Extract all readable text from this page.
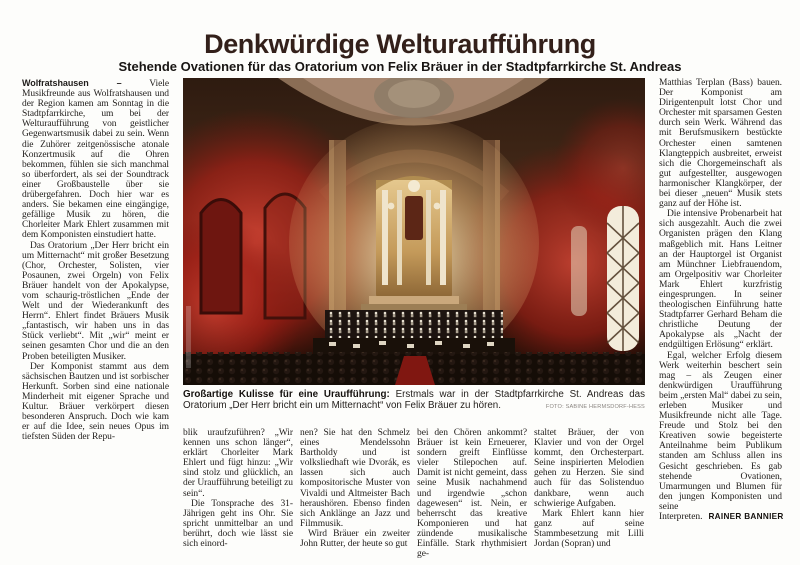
Denkwürdige Welturaufführung
Stehende Ovationen für das Oratorium von Felix Bräuer in der Stadtpfarrkirche St. Andreas

Wolfratshausen –	Viele Musikfreunde aus Wolfratshausen und der Region kamen am Sonntag in die Stadtpfarrkirche, um bei der Welturaufführung von geistlicher Gegenwartsmusik dabei zu sein. Wenn die Zuhörer zeitgenössische atonale Konzertmusik auf die Ohren bekommen, fühlen sie sich manchmal so überfordert, als sei der Soundtrack einer Großbaustelle über sie drübergefahren. Doch hier war es anders. Sie bekamen eine eingängige, gefällige Musik zu hören, die Chorleiter Mark Ehlert zusammen mit dem Komponisten einstudiert hatte.

Das Oratorium „Der Herr bricht ein um Mitternacht“ mit großer Besetzung (Chor, Orchester, Solisten, vier Posaunen, zwei Orgeln) von Felix Bräuer handelt von der Apokalypse, vom schaurig-tröstlichen „Ende der Welt und der Wiederankunft des Herrn“. Ehlert findet Bräuers Musik „fantastisch, wir haben uns in das Stück verliebt“. Mit „wir“ meint er seinen gesamten Chor und die an den Proben beteiligten Musiker.

Der Komponist stammt aus dem sächsischen Bautzen und ist sorbischer Herkunft. Sorben sind eine nationale Minderheit mit eigener Sprache und Kultur. Bräuer verkörpert diesen besonderen Anspruch. Doch wie kam er auf die Idee, sein neues Opus im tiefsten Süden der Repu-

Großartige Kulisse für eine Uraufführung: Erstmals war in der Stadtpfarrkirche St. Andreas das Oratorium „Der Herr bricht ein um Mitternacht“ von Felix Bräuer zu hören.	FOTO: SABINE HERMSDORF-HESS

blik uraufzuführen? „Wir kennen uns schon länger“, erklärt Chorleiter Mark Ehlert und fügt hinzu: „Wir sind stolz und glücklich, an der Uraufführung beteiligt zu sein“.

Die Tonsprache des 31-Jährigen geht ins Ohr. Sie spricht unmittelbar an und berührt, doch wie lässt sie sich einord-

nen? Sie hat den Schmelz eines Mendelssohn Bartholdy und ist volksliedhaft wie Dvorák, es lassen sich auch kompositorische Muster von Vivaldi und Altmeister Bach heraushören. Ebenso finden sich Anklänge an Jazz und Filmmusik.

Wird Bräuer ein zweiter John Rutter, der heute so gut

bei den Chören ankommt? Bräuer ist kein Erneuerer, sondern greift Einflüsse vieler Stilepochen auf. Damit ist nicht gemeint, dass seine Musik nachahmend und irgendwie „schon dagewesen“ ist. Nein, er beherrscht das kreative Komponieren und hat zündende musikalische Einfälle. Stark rhythmisiert ge-

staltet Bräuer, der von Klavier und von der Orgel kommt, den Orchesterpart. Seine inspirierten Melodien gehen zu Herzen. Sie sind auch für das Solistenduo dankbare, wenn auch schwierige Aufgaben.

Mark Ehlert kann hier ganz auf seine Stammbesetzung mit Lilli Jordan (Sopran) und

Matthias Terplan (Bass) bauen. Der Komponist am Dirigentenpult lotst Chor und Orchester mit sparsamen Gesten durch sein Werk. Während das mit Berufsmusikern bestückte Orchester einen samtenen Klangteppich ausbreitet, erweist sich die Chorgemeinschaft als gut aufgestellter, ausgewogen harmonischer Klangkörper, der bei dieser „neuen“ Musik stets ganz auf der Höhe ist.

Die intensive Probenarbeit hat sich ausgezahlt. Auch die zwei Organisten prägen den Klang maßgeblich mit. Hans Leitner an der Hauptorgel ist Organist am Münchner Liebfrauendom, am Orgelpositiv war Chorleiter Mark Ehlert kurzfristig eingesprungen. In seiner theologischen Einführung hatte Stadtpfarrer Gerhard Beham die christliche Deutung der Apokalypse als „Nacht der endgültigen Erlösung“ erklärt.

Egal, welcher Erfolg diesem Werk weiterhin beschert sein mag – als Zeugen einer denkwürdigen Uraufführung beim „ersten Mal“ dabei zu sein, erleben Musiker und Musikfreunde nicht alle Tage. Freude und Stolz bei den Kreativen sowie begeisterte Anteilnahme beim Publikum standen am Schluss allen ins Gesicht geschrieben. Es gab stehende Ovationen, Umarmungen und Blumen für den jungen Komponisten und seine Interpreten. RAINER BANNIER
